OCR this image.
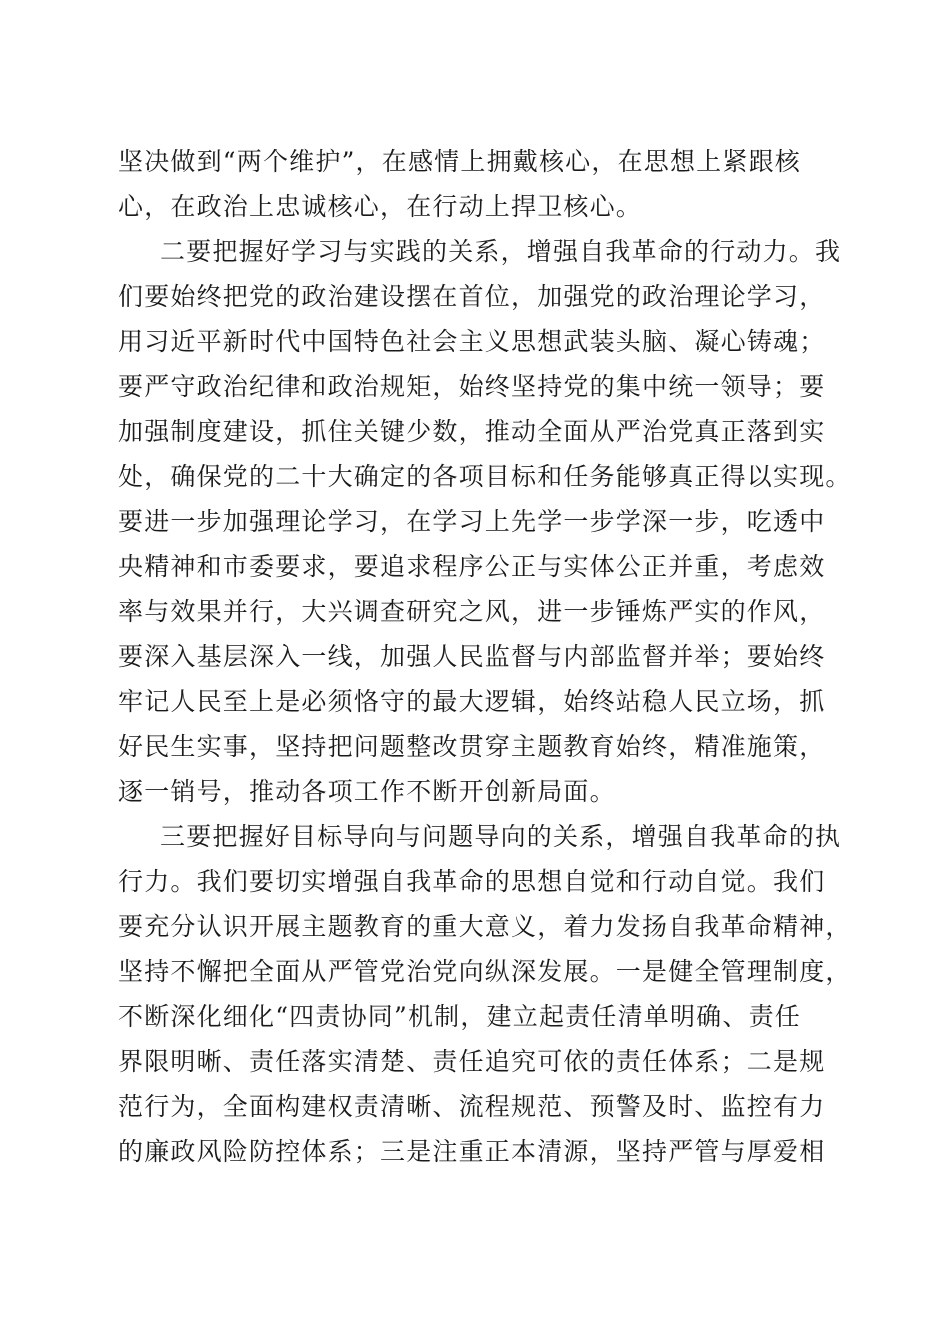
坚决做到“两个维护”，在感情上拥戴核心，在思想上紧跟核
心，在政治上忠诚核心，在行动上捍卫核心。
二要把握好学习与实践的关系，增强自我革命的行动力。我
们要始终把党的政治建设摆在首位，加强党的政治理论学习，
用习近平新时代中国特色社会主义思想武装头脑、凝心铸魂；
要严守政治纪律和政治规矩，始终坚持党的集中统一领导；要
加强制度建设，抓住关键少数，推动全面从严治党真正落到实
处，确保党的二十大确定的各项目标和任务能够真正得以实现。
要进一步加强理论学习，在学习上先学一步学深一步，吃透中
央精神和市委要求，要追求程序公正与实体公正并重，考虑效
率与效果并行，大兴调查研究之风，进一步锤炼严实的作风，
要深入基层深入一线，加强人民监督与内部监督并举；要始终
牢记人民至上是必须恪守的最大逻辑，始终站稳人民立场，抓
好民生实事，坚持把问题整改贯穿主题教育始终，精准施策，
逐一销号，推动各项工作不断开创新局面。
三要把握好目标导向与问题导向的关系，增强自我革命的执
行力。我们要切实增强自我革命的思想自觉和行动自觉。我们
要充分认识开展主题教育的重大意义，着力发扬自我革命精神，
坚持不懈把全面从严管党治党向纵深发展。一是健全管理制度，
不断深化细化“四责协同”机制，建立起责任清单明确、责任
界限明晰、责任落实清楚、责任追究可依的责任体系；二是规
范行为，全面构建权责清晰、流程规范、预警及时、监控有力
的廉政风险防控体系；三是注重正本清源，坚持严管与厚爱相
